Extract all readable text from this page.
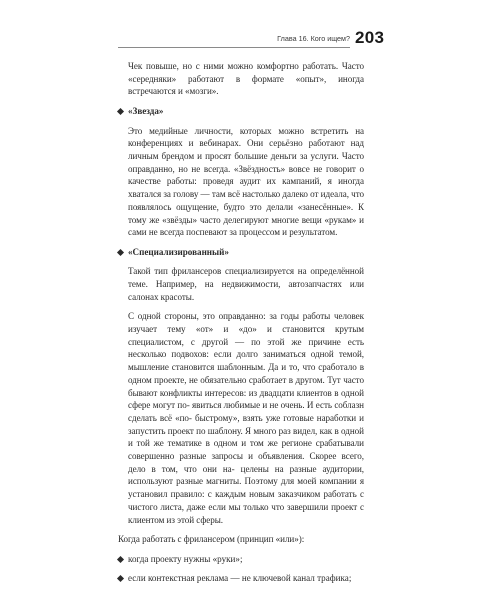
Глава 16. Кого ищем? 203

Чек повыше, но с ними можно комфортно работать. Часто «середняки» работают в формате «опыт», иногда встречаются и «мозги».

«Звезда»

Это медийные личности, которых можно встретить на конференциях и вебинарах. Они серьёзно работают над личным брендом и просят большие деньги за услуги. Часто оправданно, но не всегда. «Звёздность» вовсе не говорит о качестве работы: проведя аудит их кампаний, я иногда хватался за голову — там всё настолько далеко от идеала, что появлялось ощущение, будто это делали «занесённые». К тому же «звёзды» часто делегируют многие вещи «рукам» и сами не всегда поспевают за процессом и результатом.

«Специализированный»

Такой тип фрилансеров специализируется на определённой теме. Например, на недвижимости, автозапчастях или салонах красоты.

С одной стороны, это оправданно: за годы работы человек изучает тему «от» и «до» и становится крутым специалистом, с другой — по этой же причине есть несколько подвохов: если долго заниматься одной темой, мышление становится шаблонным. Да и то, что сработало в одном проекте, не обязательно сработает в другом. Тут часто бывают конфликты интересов: из двадцати клиентов в одной сфере могут по- явиться любимые и не очень. И есть соблазн сделать всё «по- быстрому», взять уже готовые наработки и запустить проект по шаблону. Я много раз видел, как в одной и той же тематике в одном и том же регионе срабатывали совершенно разные запросы и объявления. Скорее всего, дело в том, что они на- целены на разные аудитории, используют разные магниты. Поэтому для моей компании я установил правило: с каждым новым заказчиком работать с чистого листа, даже если мы только что завершили проект с клиентом из этой сферы.

Когда работать с фрилансером (принцип «или»):

когда проекту нужны «руки»;
если контекстная реклама — не ключевой канал трафика;
